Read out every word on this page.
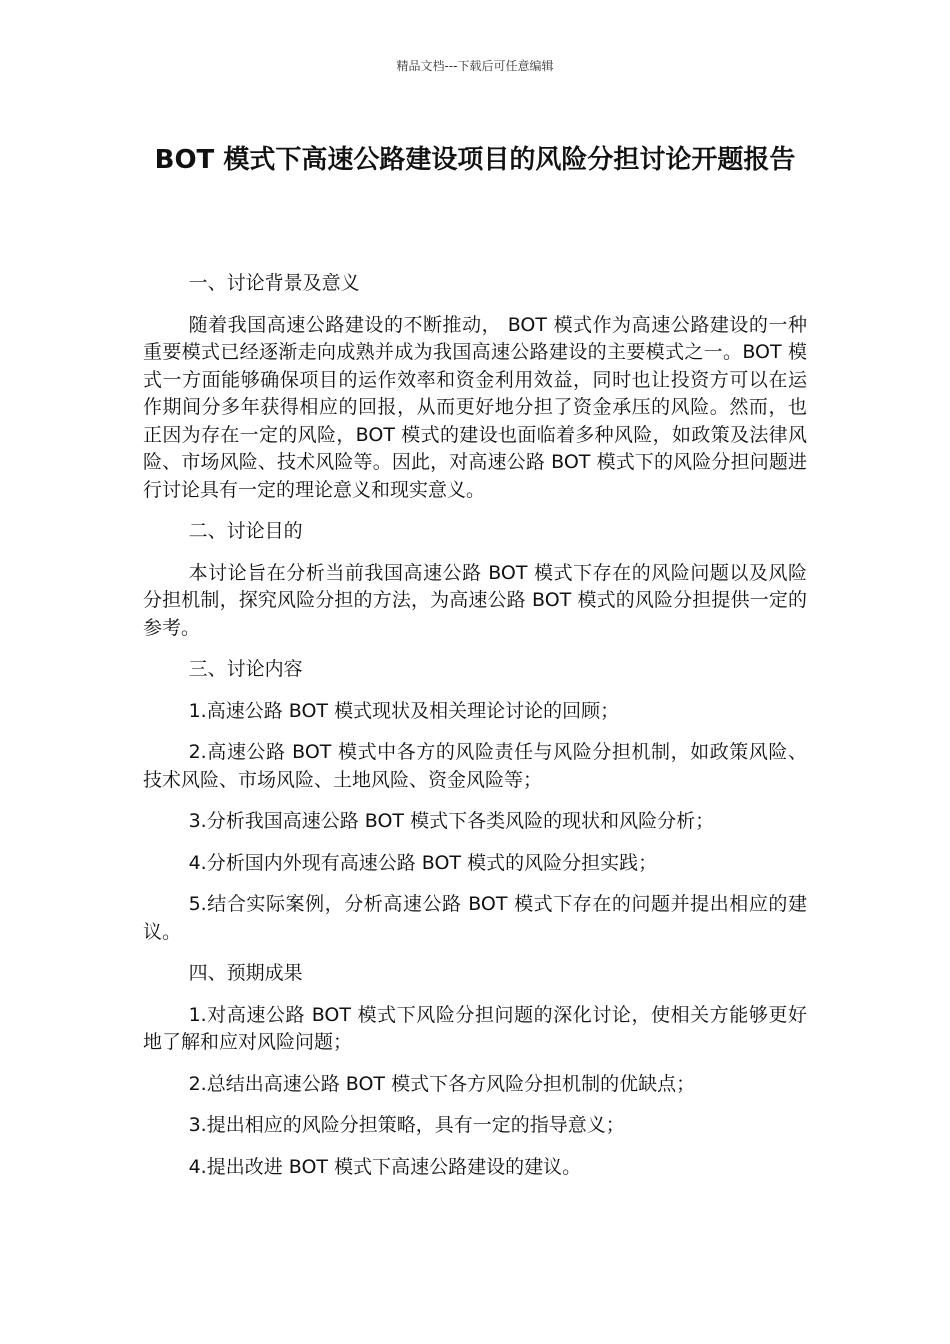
精品文档---下载后可任意编辑
BOT 模式下高速公路建设项目的风险分担讨论开题报告

一、讨论背景及意义

随着我国高速公路建设的不断推动， BOT 模式作为高速公路建设的一种重要模式已经逐渐走向成熟并成为我国高速公路建设的主要模式之一。BOT 模式一方面能够确保项目的运作效率和资金利用效益，同时也让投资方可以在运作期间分多年获得相应的回报，从而更好地分担了资金承压的风险。然而，也正因为存在一定的风险，BOT 模式的建设也面临着多种风险，如政策及法律风险、市场风险、技术风险等。因此，对高速公路 BOT 模式下的风险分担问题进行讨论具有一定的理论意义和现实意义。

二、讨论目的

本讨论旨在分析当前我国高速公路 BOT 模式下存在的风险问题以及风险分担机制，探究风险分担的方法，为高速公路 BOT 模式的风险分担提供一定的参考。

三、讨论内容

1.高速公路 BOT 模式现状及相关理论讨论的回顾；

2.高速公路 BOT 模式中各方的风险责任与风险分担机制，如政策风险、技术风险、市场风险、土地风险、资金风险等；

3.分析我国高速公路 BOT 模式下各类风险的现状和风险分析；

4.分析国内外现有高速公路 BOT 模式的风险分担实践；

5.结合实际案例，分析高速公路 BOT 模式下存在的问题并提出相应的建议。

四、预期成果

1.对高速公路 BOT 模式下风险分担问题的深化讨论，使相关方能够更好地了解和应对风险问题；

2.总结出高速公路 BOT 模式下各方风险分担机制的优缺点；

3.提出相应的风险分担策略，具有一定的指导意义；

4.提出改进 BOT 模式下高速公路建设的建议。
